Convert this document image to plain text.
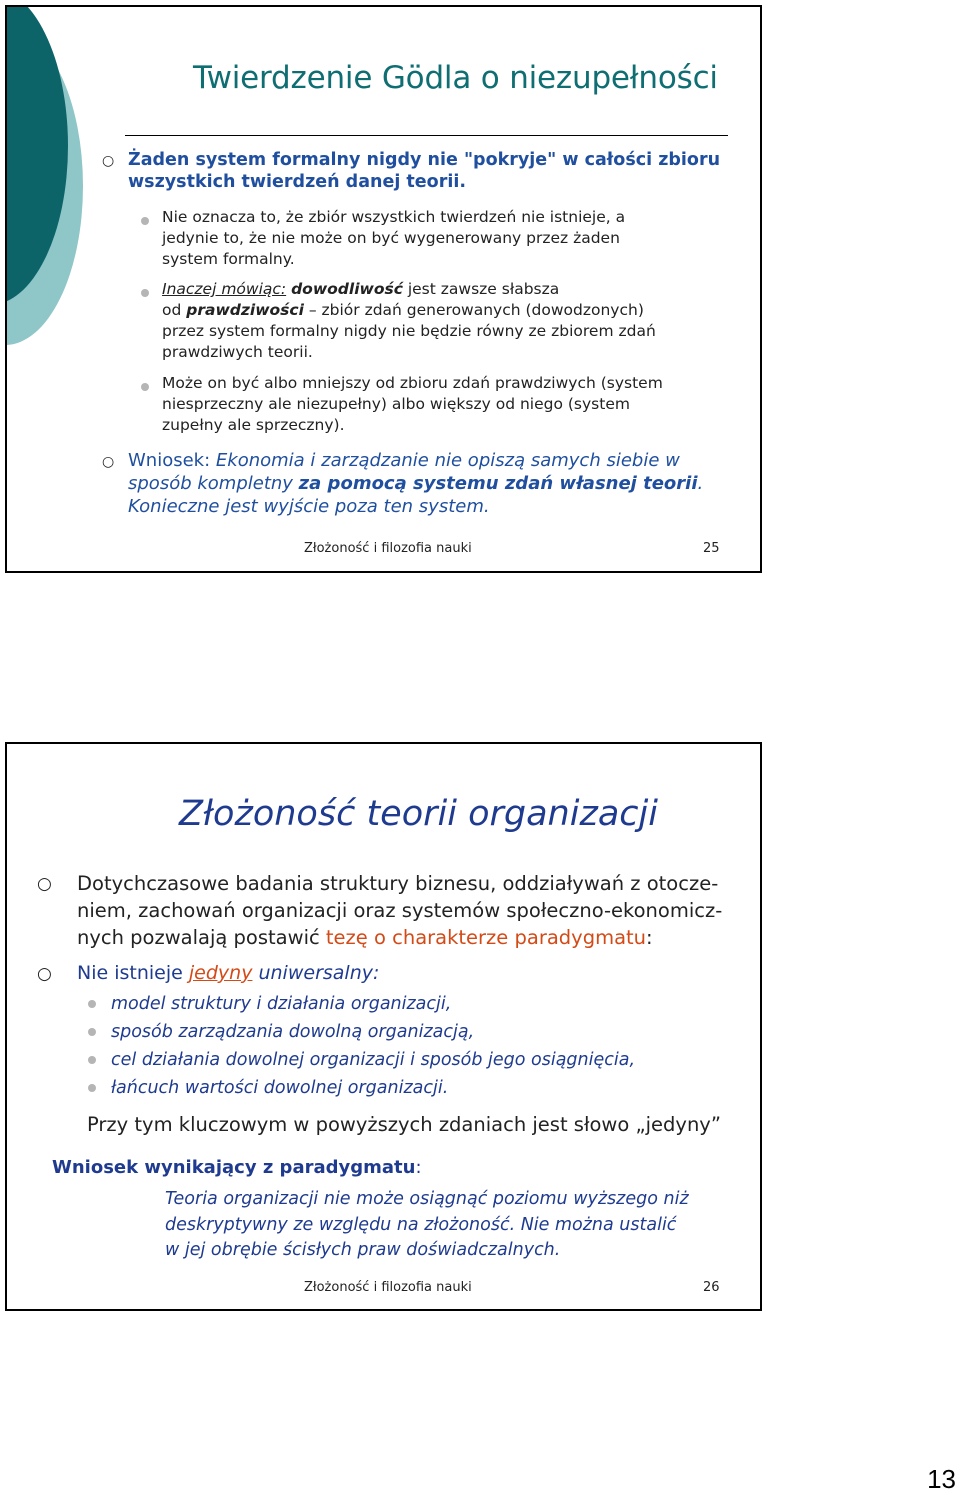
Twierdzenie Gödla o niezupełności
○ Żaden system formalny nigdy nie "pokryje" w całości zbioru
wszystkich twierdzeń danej teorii.
Nie oznacza to, że zbiór wszystkich twierdzeń nie istnieje, a
jedynie to, że nie może on być wygenerowany przez żaden
system formalny.
Inaczej mówiąc: dowodliwość jest zawsze słabsza
od prawdziwości – zbiór zdań generowanych (dowodzonych)
przez system formalny nigdy nie będzie równy ze zbiorem zdań
prawdziwych teorii.
Może on być albo mniejszy od zbioru zdań prawdziwych (system
niesprzeczny ale niezupełny) albo większy od niego (system
zupełny ale sprzeczny).
○ Wniosek: Ekonomia i zarządzanie nie opiszą samych siebie w
sposób kompletny za pomocą systemu zdań własnej teorii.
Konieczne jest wyjście poza ten system.
Złożoność i filozofia nauki	25
Złożoność teorii organizacji
○ Dotychczasowe badania struktury biznesu, oddziaływań z otocze-
niem, zachowań organizacji oraz systemów społeczno-ekonomicz-
nych pozwalają postawić tezę o charakterze paradygmatu:
○ Nie istnieje jedyny uniwersalny:
model struktury i działania organizacji,
sposób zarządzania dowolną organizacją,
cel działania dowolnej organizacji i sposób jego osiągnięcia,
łańcuch wartości dowolnej organizacji.
Przy tym kluczowym w powyższych zdaniach jest słowo „jedyny”
Wniosek wynikający z paradygmatu:
Teoria organizacji nie może osiągnąć poziomu wyższego niż
deskryptywny ze względu na złożoność. Nie można ustalić
w jej obrębie ścisłych praw doświadczalnych.
Złożoność i filozofia nauki	26
13
